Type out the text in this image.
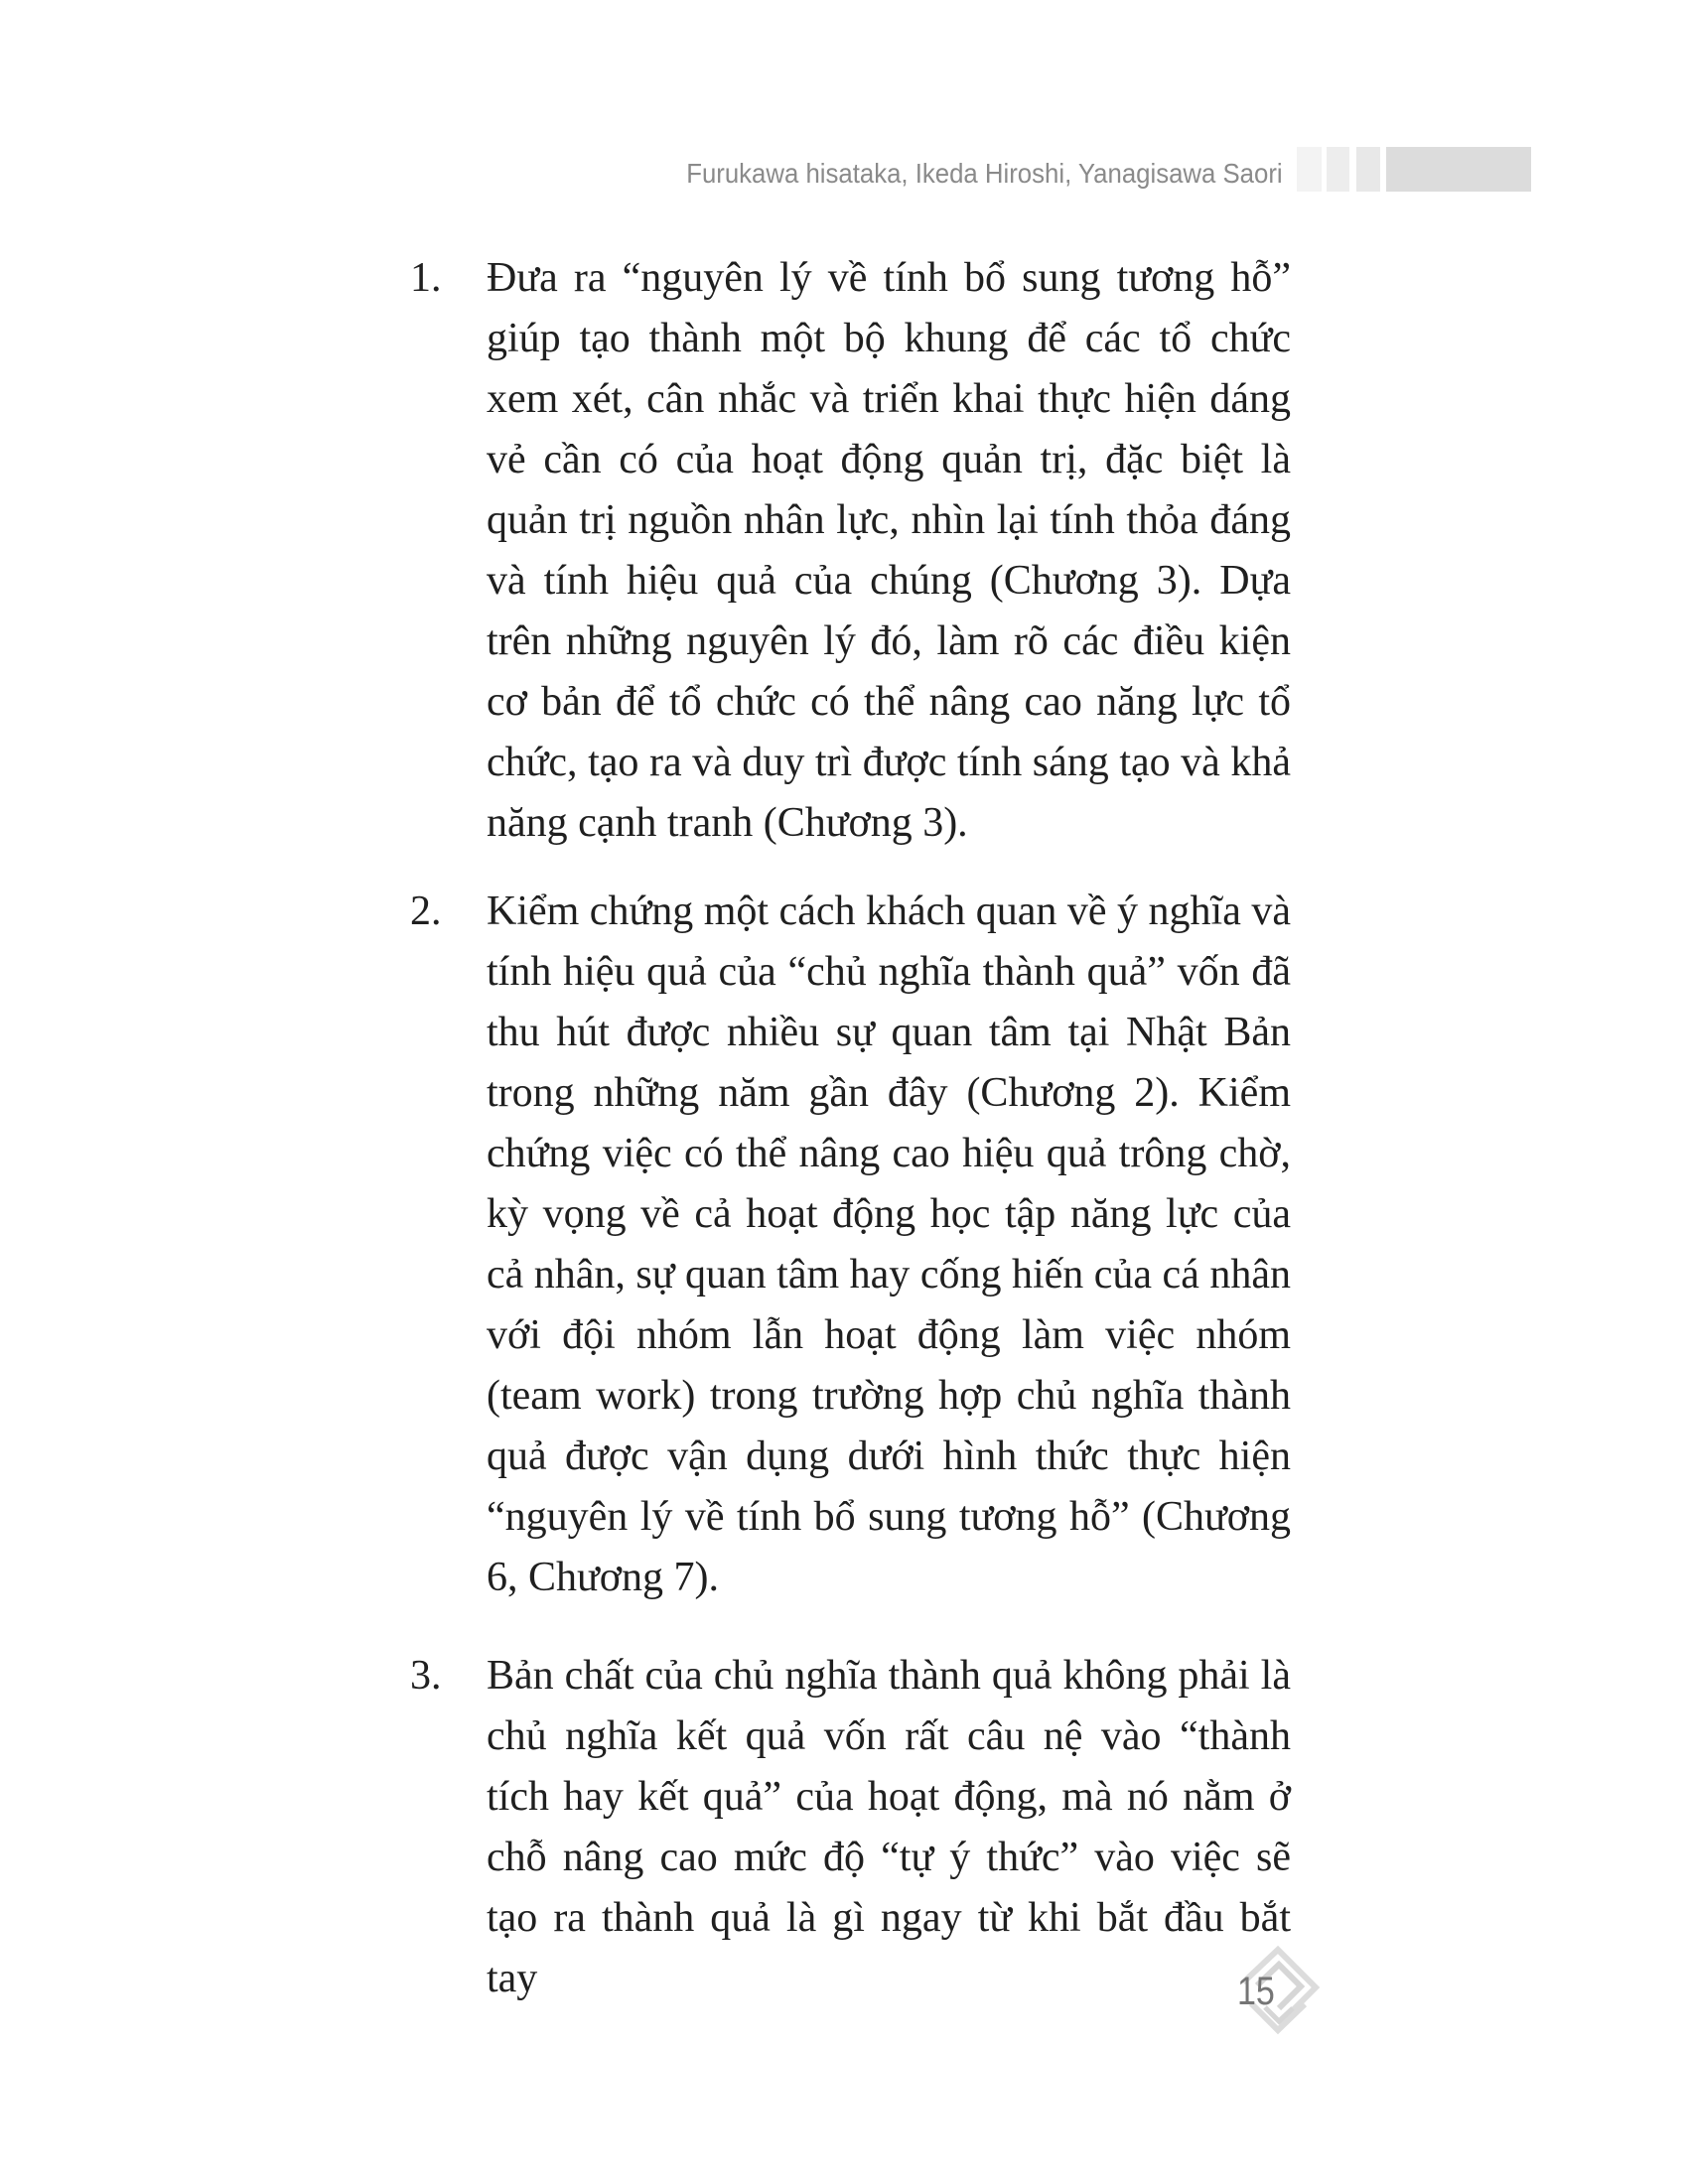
Furukawa hisataka, Ikeda Hiroshi, Yanagisawa Saori
1.	Đưa ra “nguyên lý về tính bổ sung tương hỗ” giúp tạo thành một bộ khung để các tổ chức xem xét, cân nhắc và triển khai thực hiện dáng vẻ cần có của hoạt động quản trị, đặc biệt là quản trị nguồn nhân lực, nhìn lại tính thỏa đáng và tính hiệu quả của chúng (Chương 3). Dựa trên những nguyên lý đó, làm rõ các điều kiện cơ bản để tổ chức có thể nâng cao năng lực tổ chức, tạo ra và duy trì được tính sáng tạo và khả năng cạnh tranh (Chương 3).
2.	Kiểm chứng một cách khách quan về ý nghĩa và tính hiệu quả của “chủ nghĩa thành quả” vốn đã thu hút được nhiều sự quan tâm tại Nhật Bản trong những năm gần đây (Chương 2). Kiểm chứng việc có thể nâng cao hiệu quả trông chờ, kỳ vọng về cả hoạt động học tập năng lực của cả nhân, sự quan tâm hay cống hiến của cá nhân với đội nhóm lẫn hoạt động làm việc nhóm (team work) trong trường hợp chủ nghĩa thành quả được vận dụng dưới hình thức thực hiện “nguyên lý về tính bổ sung tương hỗ” (Chương 6, Chương 7).
3.	Bản chất của chủ nghĩa thành quả không phải là chủ nghĩa kết quả vốn rất câu nệ vào “thành tích hay kết quả” của hoạt động, mà nó nằm ở chỗ nâng cao mức độ “tự ý thức” vào việc sẽ tạo ra thành quả là gì ngay từ khi bắt đầu bắt tay	15
